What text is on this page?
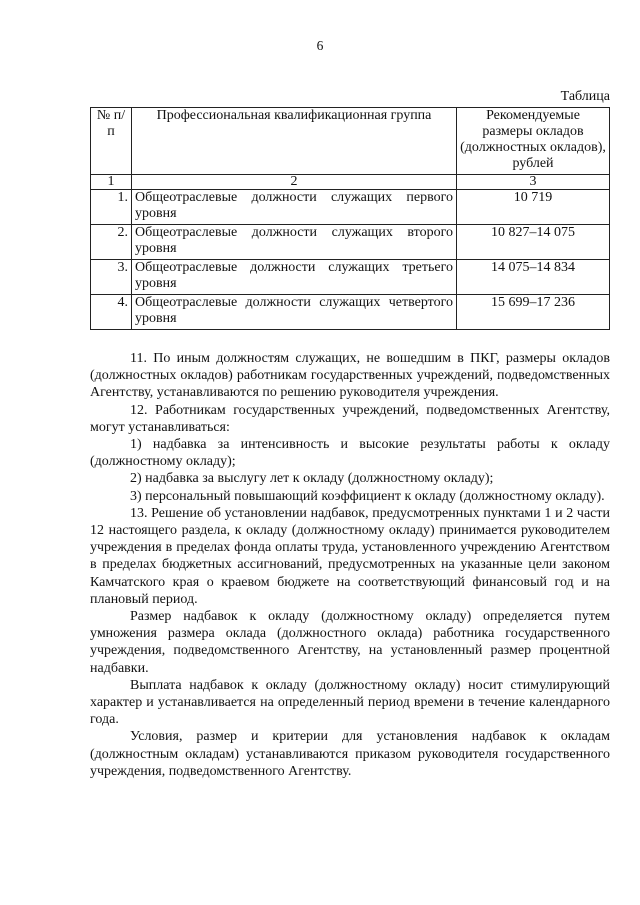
6
Таблица
№ п/п	Профессиональная квалификационная группа	Рекомендуемые размеры окладов (должностных окладов), рублей
1	2	3
1.	Общеотраслевые должности служащих первого уровня	10 719
2.	Общеотраслевые должности служащих второго уровня	10 827–14 075
3.	Общеотраслевые должности служащих третьего уровня	14 075–14 834
4.	Общеотраслевые должности служащих четвертого уровня	15 699–17 236

11. По иным должностям служащих, не вошедшим в ПКГ, размеры окладов (должностных окладов) работникам государственных учреждений, подведомственных Агентству, устанавливаются по решению руководителя учреждения.

12. Работникам государственных учреждений, подведомственных Агентству, могут устанавливаться:

1) надбавка за интенсивность и высокие результаты работы к окладу (должностному окладу);

2) надбавка за выслугу лет к окладу (должностному окладу);

3) персональный повышающий коэффициент к окладу (должностному окладу).

13. Решение об установлении надбавок, предусмотренных пунктами 1 и 2 части 12 настоящего раздела, к окладу (должностному окладу) принимается руководителем учреждения в пределах фонда оплаты труда, установленного учреждению Агентством в пределах бюджетных ассигнований, предусмотренных на указанные цели законом Камчатского края о краевом бюджете на соответствующий финансовый год и на плановый период.

Размер надбавок к окладу (должностному окладу) определяется путем умножения размера оклада (должностного оклада) работника государственного учреждения, подведомственного Агентству, на установленный размер процентной надбавки.

Выплата надбавок к окладу (должностному окладу) носит стимулирующий характер и устанавливается на определенный период времени в течение календарного года.

Условия, размер и критерии для установления надбавок к окладам (должностным окладам) устанавливаются приказом руководителя государственного учреждения, подведомственного Агентству.
